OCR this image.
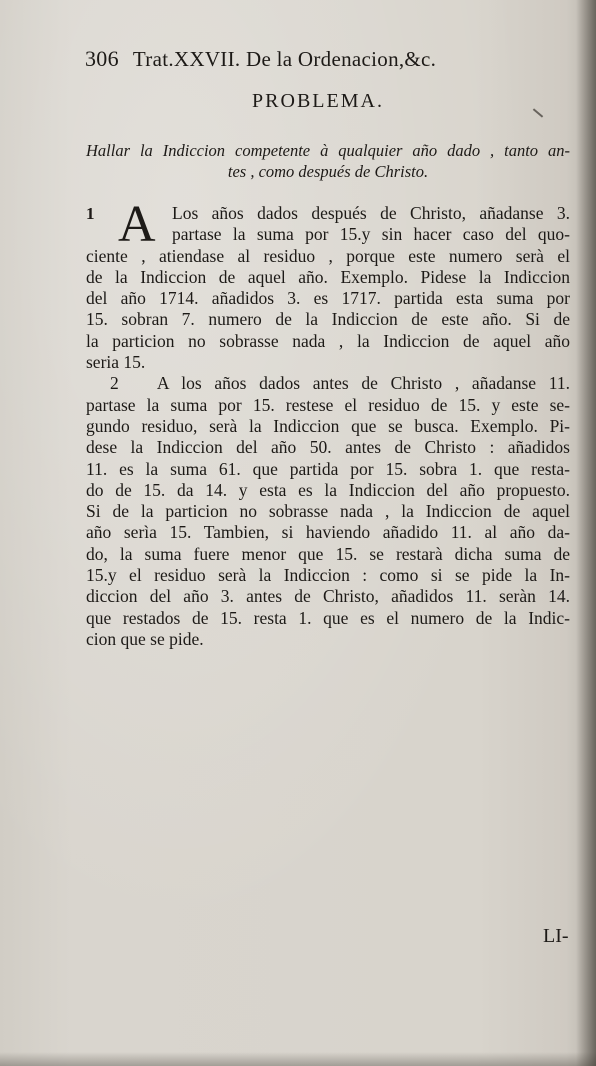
306 Trat.XXVII. De la Ordenacion,&c.
PROBLEMA.
Hallar la Indiccion competente à qualquier año dado , tanto an-
tes , como después de Christo.
1 A Los años dados después de Christo, añadanse 3.
partase la suma por 15.y sin hacer caso del quo-
ciente , atiendase al residuo , porque este numero serà el
de la Indiccion de aquel año. Exemplo. Pidese la Indiccion
del año 1714. añadidos 3. es 1717. partida esta suma por
15. sobran 7. numero de la Indiccion de este año. Si de
la particion no sobrasse nada , la Indiccion de aquel año
seria 15.
2 A los años dados antes de Christo , añadanse 11.
partase la suma por 15. restese el residuo de 15. y este se-
gundo residuo, serà la Indiccion que se busca. Exemplo. Pi-
dese la Indiccion del año 50. antes de Christo : añadidos
11. es la suma 61. que partida por 15. sobra 1. que resta-
do de 15. da 14. y esta es la Indiccion del año propuesto.
Si de la particion no sobrasse nada , la Indiccion de aquel
año serìa 15. Tambien, si haviendo añadido 11. al año da-
do, la suma fuere menor que 15. se restarà dicha suma de
15.y el residuo serà la Indiccion : como si se pide la In-
diccion del año 3. antes de Christo, añadidos 11. seràn 14.
que restados de 15. resta 1. que es el numero de la Indic-
cion que se pide.
LI-
